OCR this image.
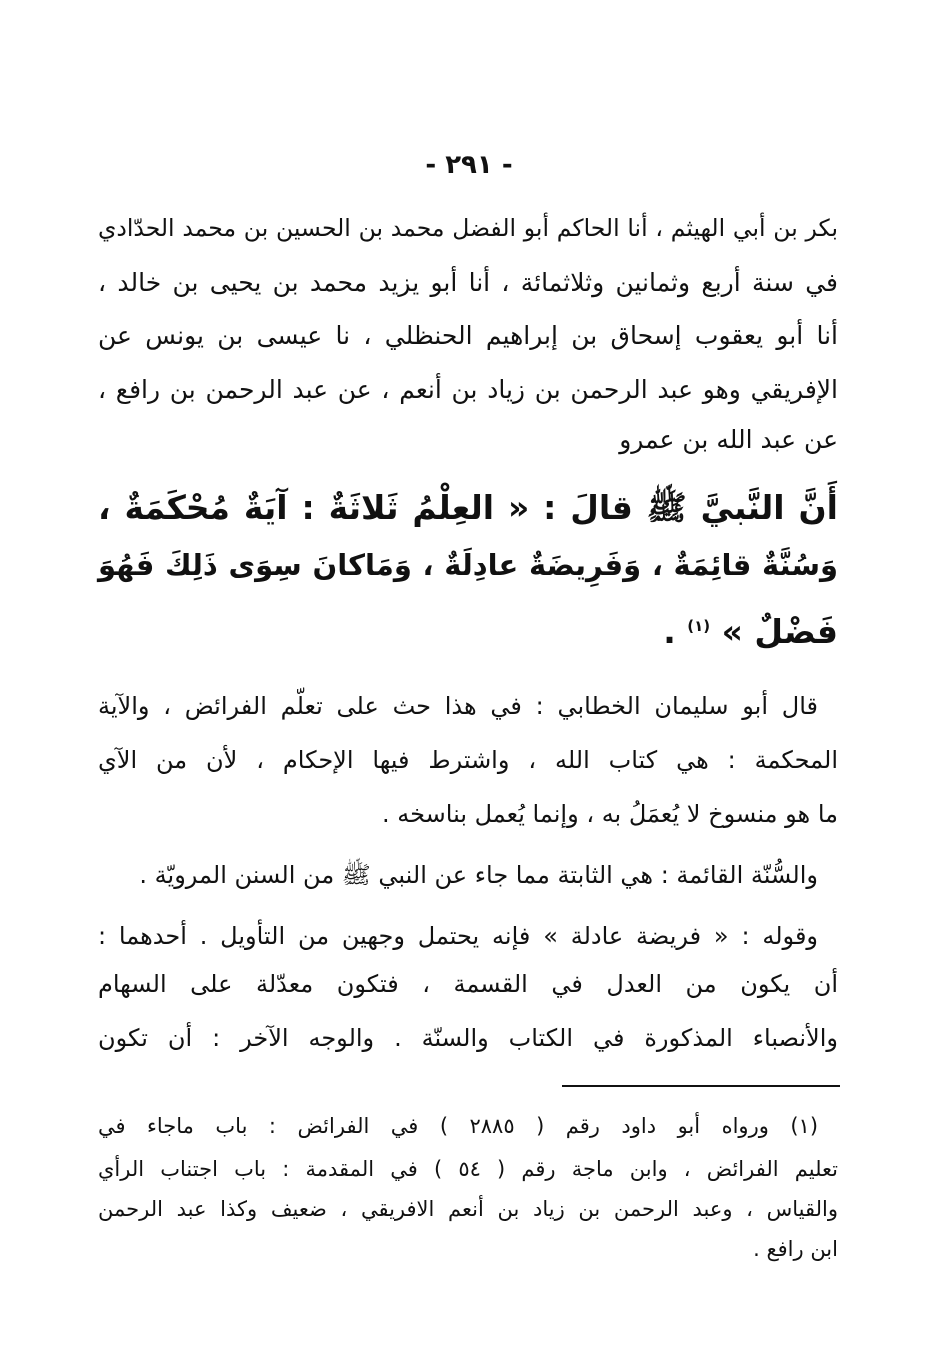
- ٢٩١ -
بكر بن أبي الهيثم ، أنا الحاكم أبو الفضل محمد بن الحسين بن محمد الحدّادي
في سنة أربع وثمانين وثلاثمائة ، أنا أبو يزيد محمد بن يحيى بن خالد ،
أنا أبو يعقوب إسحاق بن إبراهيم الحنظلي ، نا عيسى بن يونس عن
الإفريقي وهو عبد الرحمن بن زياد بن أنعم ، عن عبد الرحمن بن رافع ،
عن عبد الله بن عمرو
أَنَّ النَّبيَّ ﷺ قالَ : « العِلْمُ ثَلاثَةٌ : آيَةٌ مُحْكَمَةٌ ،
وَسُنَّةٌ قائِمَةٌ ، وَفَرِيضَةٌ عادِلَةٌ ، وَمَاكانَ سِوَى ذَلِكَ فَهُوَ
فَضْلٌ » $^{(١)}$ .
قال أبو سليمان الخطابي : في هذا حث على تعلّم الفرائض ، والآية
المحكمة : هي كتاب الله ، واشترط فيها الإحكام ، لأن من الآي
ما هو منسوخ لا يُعمَلُ به ، وإنما يُعمل بناسخه .
والسُّنّة القائمة : هي الثابتة مما جاء عن النبي ﷺ من السنن المرويّة .
وقوله : « فريضة عادلة » فإنه يحتمل وجهين من التأويل . أحدهما :
أن يكون من العدل في القسمة ، فتكون معدّلة على السهام
والأنصباء المذكورة في الكتاب والسنّة . والوجه الآخر : أن تكون
(١) ورواه أبو داود رقم ( ٢٨٨٥ ) في الفرائض : باب ماجاء في
تعليم الفرائض ، وابن ماجة رقم ( ٥٤ ) في المقدمة : باب اجتناب الرأي
والقياس ، وعبد الرحمن بن زياد بن أنعم الافريقي ، ضعيف وكذا عبد الرحمن
ابن رافع .
